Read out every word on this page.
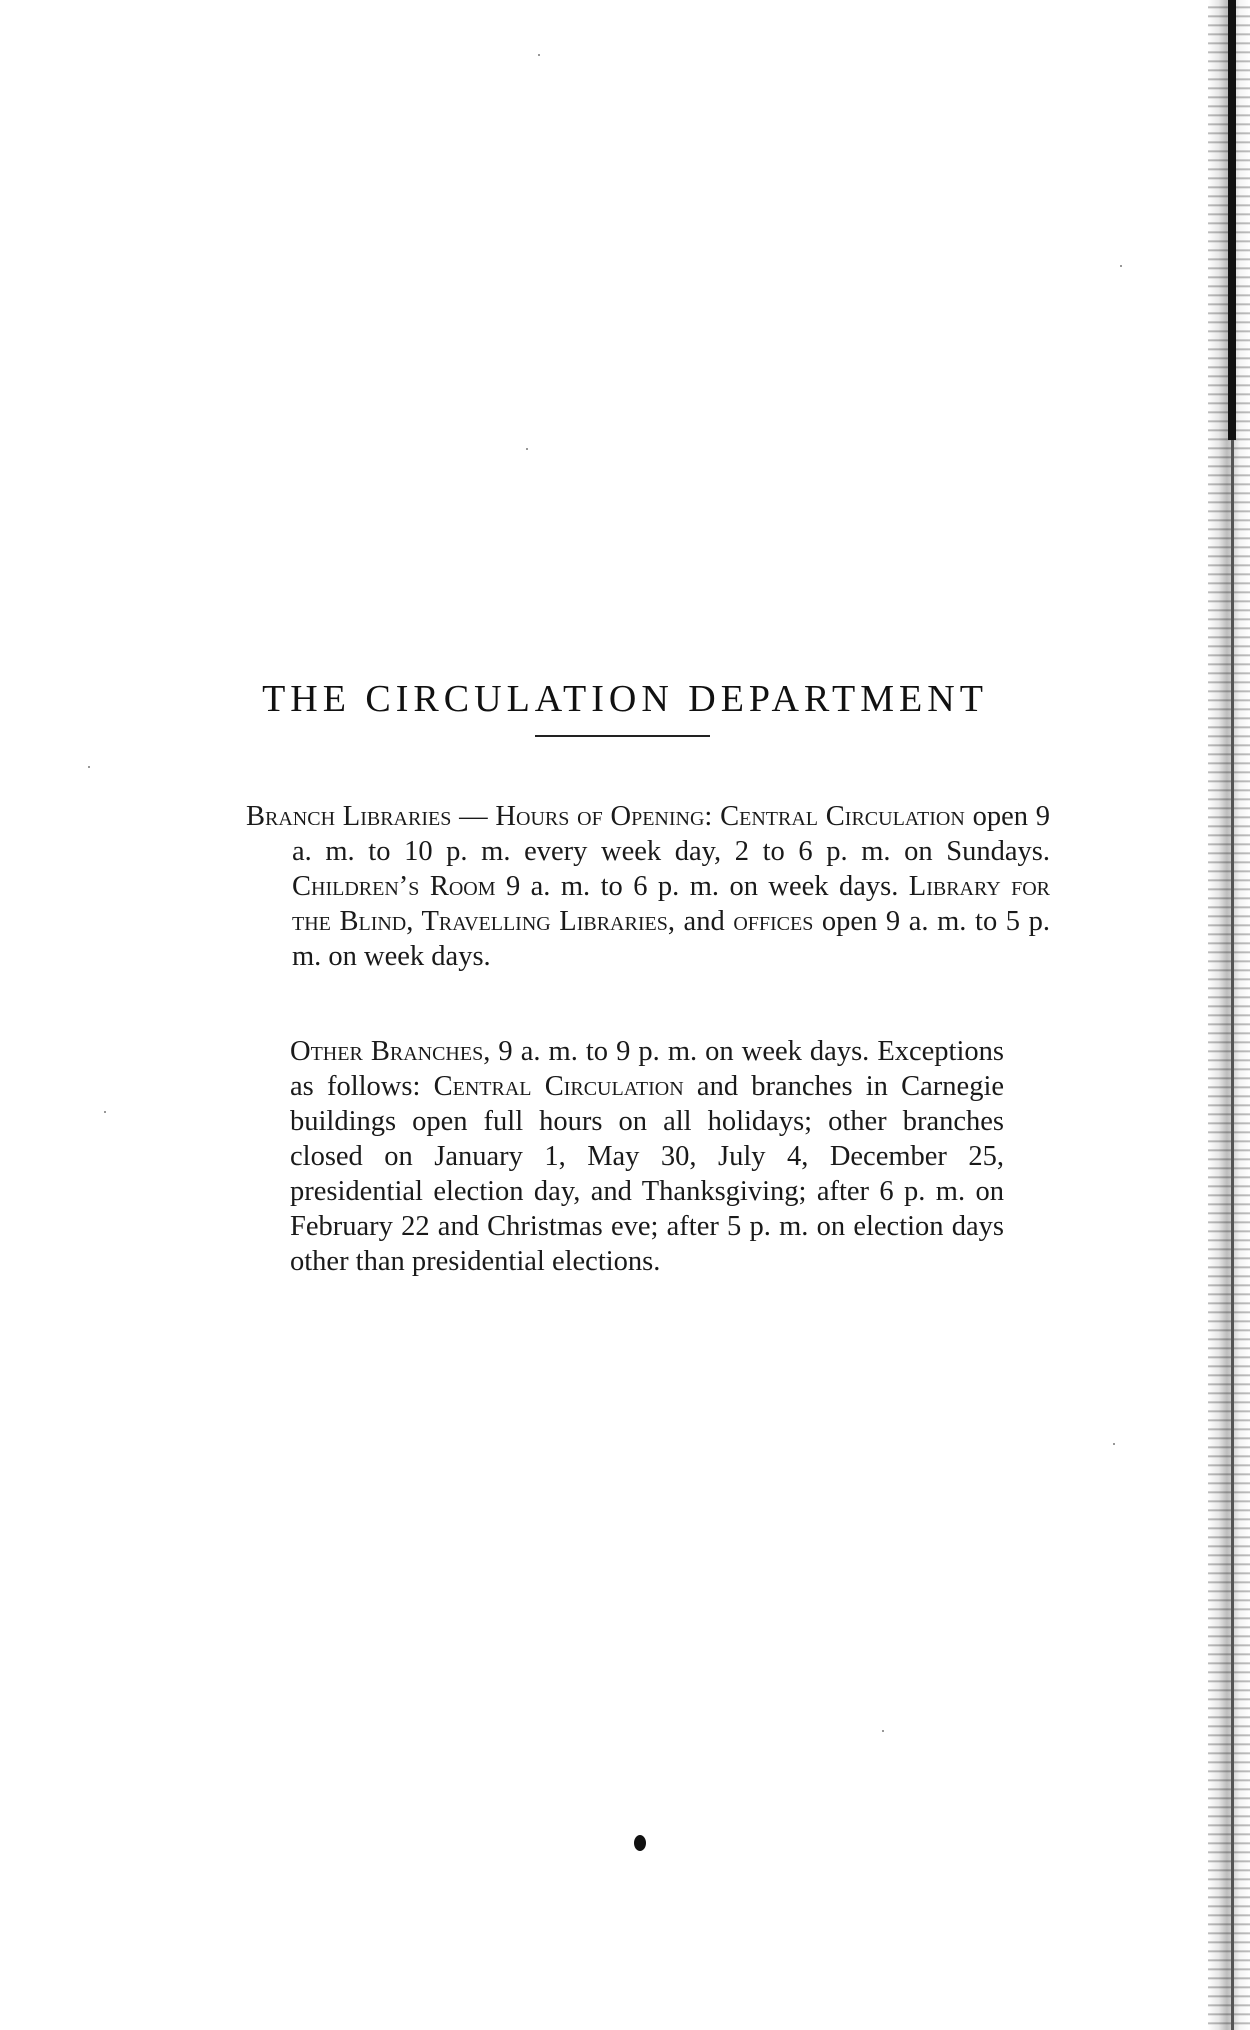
THE CIRCULATION DEPARTMENT

Branch Libraries — Hours of Opening: Central Circulation open 9 a. m. to 10 p. m. every week day, 2 to 6 p. m. on Sundays. Children’s Room 9 a. m. to 6 p. m. on week days. Library for the Blind, Travelling Libraries, and offices open 9 a. m. to 5 p. m. on week days.

Other Branches, 9 a. m. to 9 p. m. on week days. Exceptions as follows: Central Circulation and branches in Carnegie buildings open full hours on all holidays; other branches closed on January 1, May 30, July 4, December 25, presidential election day, and Thanksgiving; after 6 p. m. on February 22 and Christmas eve; after 5 p. m. on election days other than presidential elections.
